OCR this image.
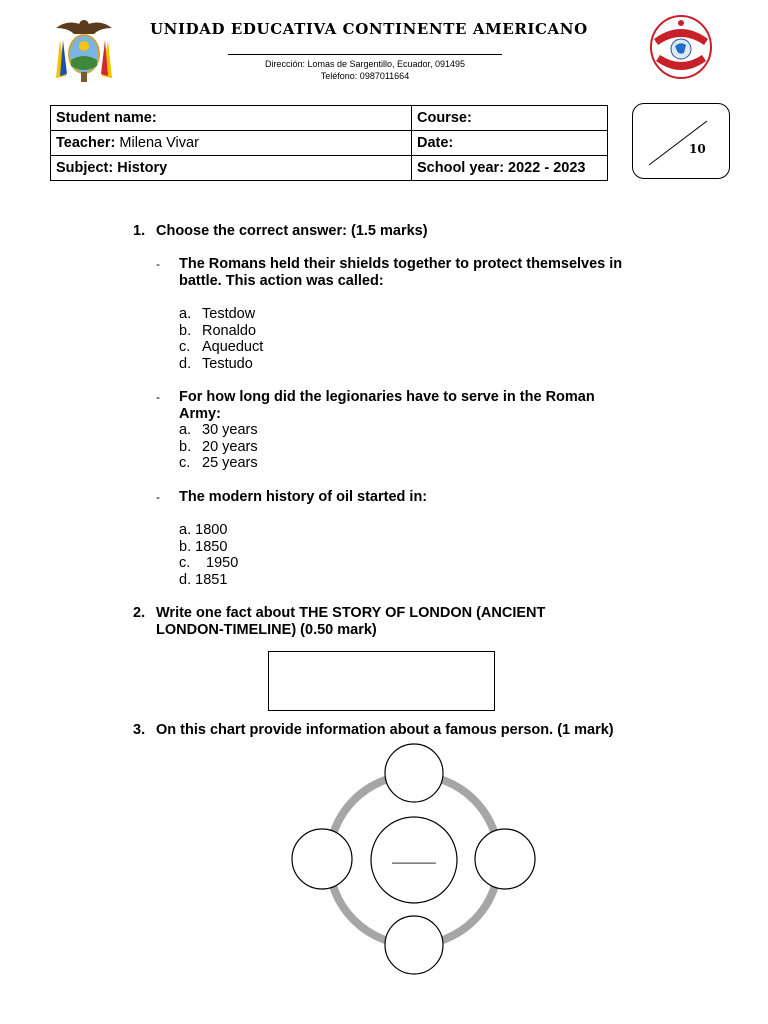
UNIDAD EDUCATIVA CONTINENTE AMERICANO
Dirección: Lomas de Sargentillo, Ecuador, 091495
Teléfono: 0987011664
Student name:	Course:
Teacher: Milena Vivar	Date:
Subject: History	School year: 2022 - 2023
10
1. Choose the correct answer: (1.5 marks)
- The Romans held their shields together to protect themselves in battle. This action was called:
a. Testdow
b. Ronaldo
c. Aqueduct
d. Testudo
- For how long did the legionaries have to serve in the Roman Army:
a. 30 years
b. 20 years
c. 25 years
- The modern history of oil started in:
a. 1800
b. 1850
c. 1950
d. 1851
2. Write one fact about THE STORY OF LONDON (ANCIENT LONDON-TIMELINE) (0.50 mark)
3. On this chart provide information about a famous person. (1 mark)
______
